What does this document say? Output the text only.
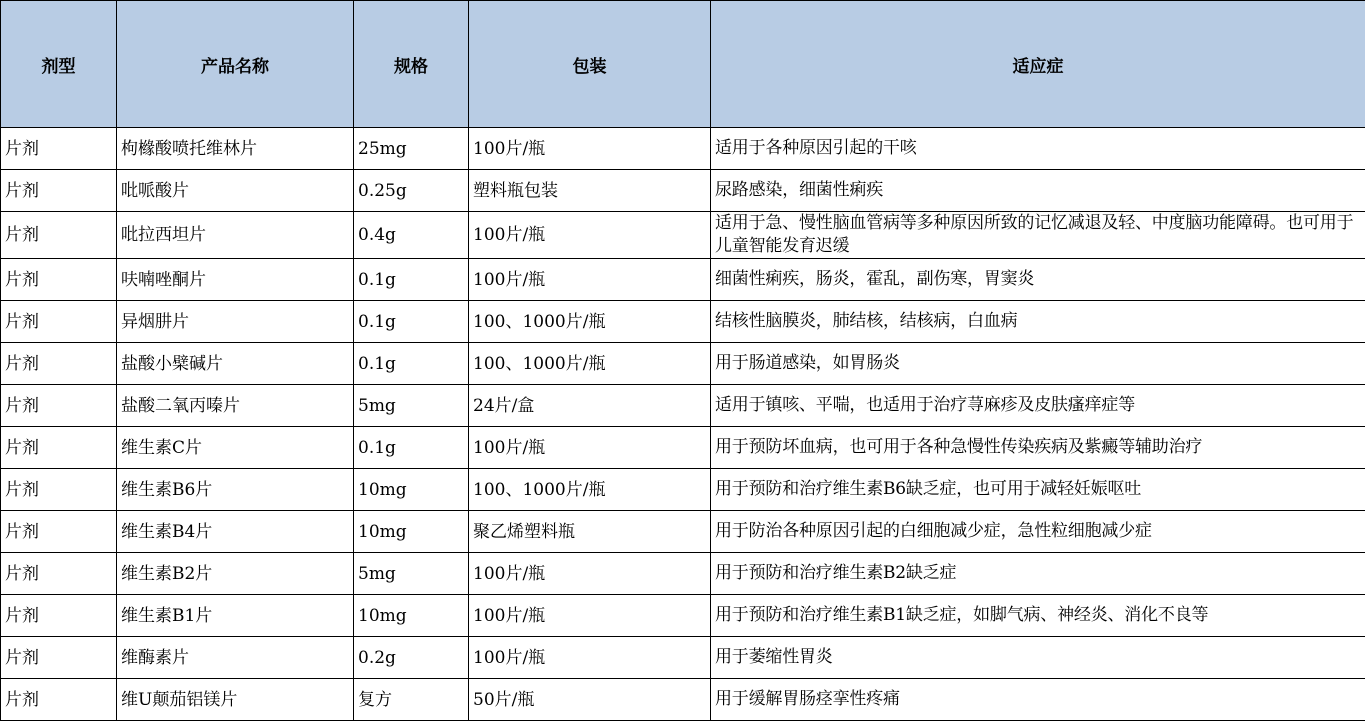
剂型	产品名称	规格	包装	适应症
片剂	枸橼酸喷托维林片	25mg	100片/瓶	适用于各种原因引起的干咳
片剂	吡哌酸片	0.25g	塑料瓶包装	尿路感染，细菌性痢疾
片剂	吡拉西坦片	0.4g	100片/瓶	适用于急、慢性脑血管病等多种原因所致的记忆减退及轻、中度脑功能障碍。也可用于儿童智能发育迟缓
片剂	呋喃唑酮片	0.1g	100片/瓶	细菌性痢疾，肠炎，霍乱，副伤寒，胃窦炎
片剂	异烟肼片	0.1g	100、1000片/瓶	结核性脑膜炎，肺结核，结核病，白血病
片剂	盐酸小檗碱片	0.1g	100、1000片/瓶	用于肠道感染，如胃肠炎
片剂	盐酸二氧丙嗪片	5mg	24片/盒	适用于镇咳、平喘，也适用于治疗荨麻疹及皮肤瘙痒症等
片剂	维生素C片	0.1g	100片/瓶	用于预防坏血病，也可用于各种急慢性传染疾病及紫癜等辅助治疗
片剂	维生素B6片	10mg	100、1000片/瓶	用于预防和治疗维生素B6缺乏症，也可用于减轻妊娠呕吐
片剂	维生素B4片	10mg	聚乙烯塑料瓶	用于防治各种原因引起的白细胞减少症，急性粒细胞减少症
片剂	维生素B2片	5mg	100片/瓶	用于预防和治疗维生素B2缺乏症
片剂	维生素B1片	10mg	100片/瓶	用于预防和治疗维生素B1缺乏症，如脚气病、神经炎、消化不良等
片剂	维酶素片	0.2g	100片/瓶	用于萎缩性胃炎
片剂	维U颠茄铝镁片	复方	50片/瓶	用于缓解胃肠痉挛性疼痛
